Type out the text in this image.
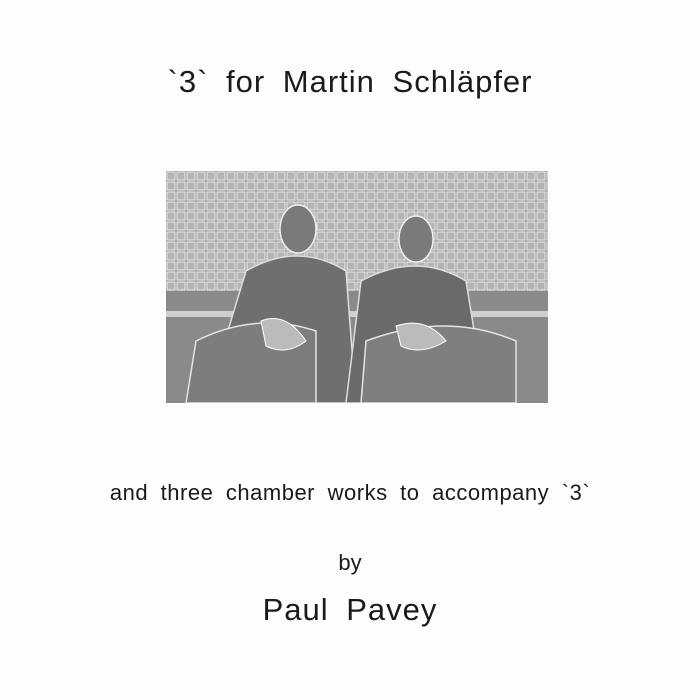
`3` for Martin Schläpfer
and three chamber works to accompany `3`
by
Paul Pavey
